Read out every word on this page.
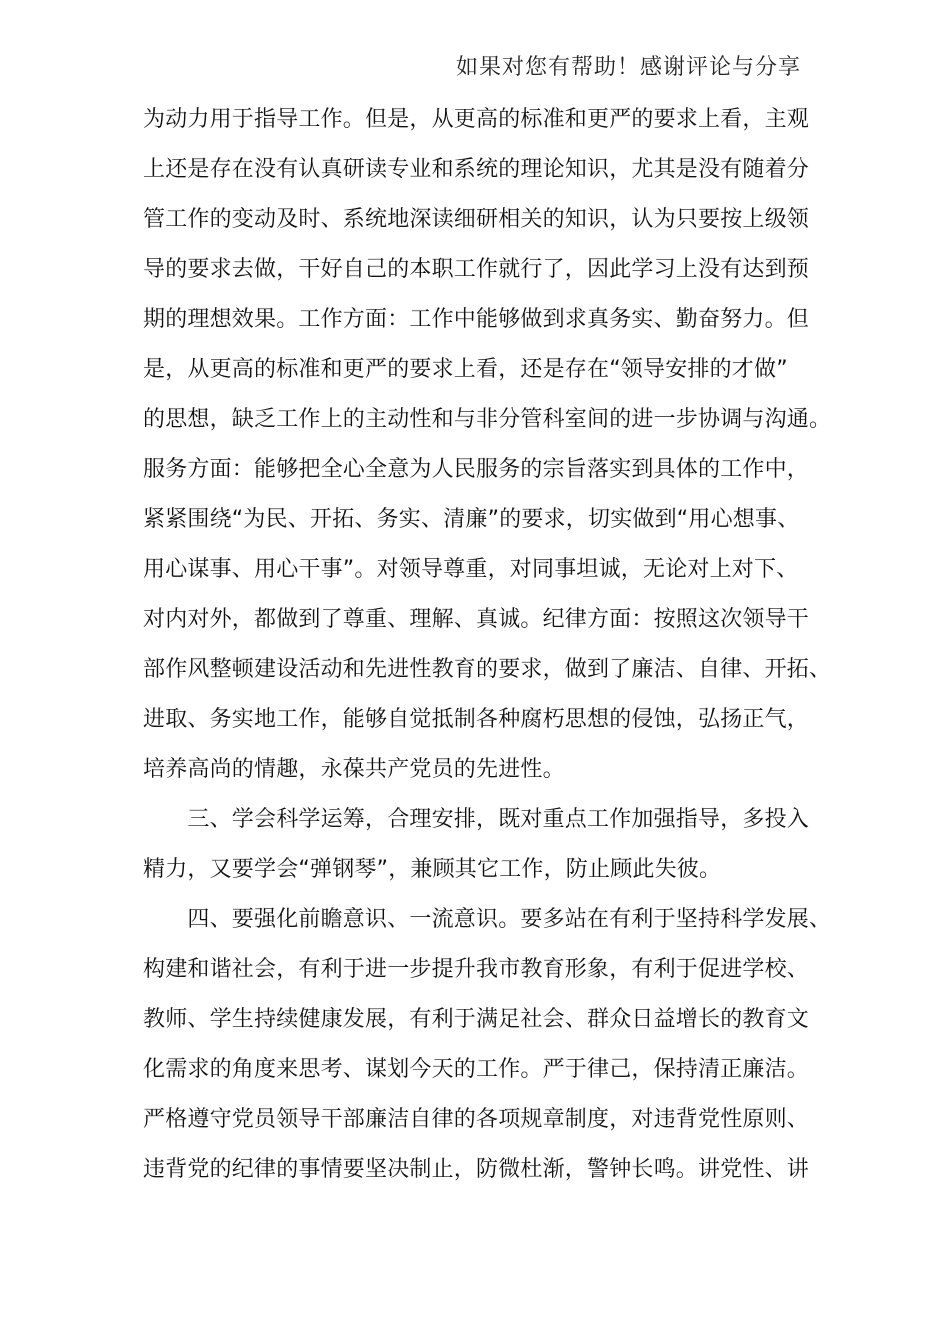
如果对您有帮助！感谢评论与分享
为动力用于指导工作。但是，从更高的标准和更严的要求上看，主观
上还是存在没有认真研读专业和系统的理论知识，尤其是没有随着分
管工作的变动及时、系统地深读细研相关的知识，认为只要按上级领
导的要求去做，干好自己的本职工作就行了，因此学习上没有达到预
期的理想效果。工作方面：工作中能够做到求真务实、勤奋努力。但
是，从更高的标准和更严的要求上看，还是存在“领导安排的才做”
的思想，缺乏工作上的主动性和与非分管科室间的进一步协调与沟通。
服务方面：能够把全心全意为人民服务的宗旨落实到具体的工作中，
紧紧围绕“为民、开拓、务实、清廉”的要求，切实做到“用心想事、
用心谋事、用心干事”。对领导尊重，对同事坦诚，无论对上对下、
对内对外，都做到了尊重、理解、真诚。纪律方面：按照这次领导干
部作风整顿建设活动和先进性教育的要求，做到了廉洁、自律、开拓、
进取、务实地工作，能够自觉抵制各种腐朽思想的侵蚀，弘扬正气，
培养高尚的情趣，永葆共产党员的先进性。
　　三、学会科学运筹，合理安排，既对重点工作加强指导，多投入
精力，又要学会“弹钢琴”，兼顾其它工作，防止顾此失彼。
　　四、要强化前瞻意识、一流意识。要多站在有利于坚持科学发展、
构建和谐社会，有利于进一步提升我市教育形象，有利于促进学校、
教师、学生持续健康发展，有利于满足社会、群众日益增长的教育文
化需求的角度来思考、谋划今天的工作。严于律己，保持清正廉洁。
严格遵守党员领导干部廉洁自律的各项规章制度，对违背党性原则、
违背党的纪律的事情要坚决制止，防微杜渐，警钟长鸣。讲党性、讲
